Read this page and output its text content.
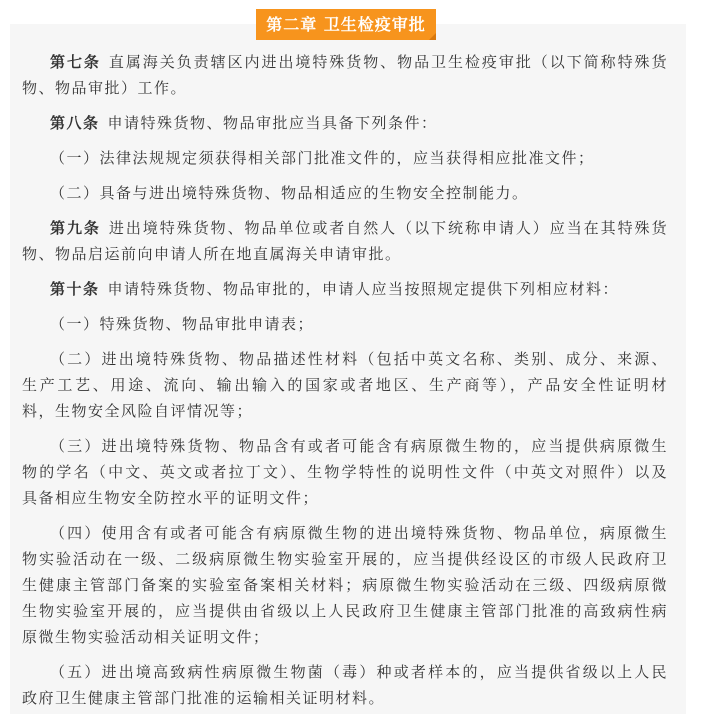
第二章 卫生检疫审批
第七条 直属海关负责辖区内进出境特殊货物、物品卫生检疫审批（以下简称特殊货
物、物品审批）工作。
第八条 申请特殊货物、物品审批应当具备下列条件：
（一）法律法规规定须获得相关部门批准文件的，应当获得相应批准文件；
（二）具备与进出境特殊货物、物品相适应的生物安全控制能力。
第九条 进出境特殊货物、物品单位或者自然人（以下统称申请人）应当在其特殊货
物、物品启运前向申请人所在地直属海关申请审批。
第十条 申请特殊货物、物品审批的，申请人应当按照规定提供下列相应材料：
（一）特殊货物、物品审批申请表；
（二）进出境特殊货物、物品描述性材料（包括中英文名称、类别、成分、来源、
生产工艺、用途、流向、输出输入的国家或者地区、生产商等），产品安全性证明材
料，生物安全风险自评情况等；
（三）进出境特殊货物、物品含有或者可能含有病原微生物的，应当提供病原微生
物的学名（中文、英文或者拉丁文）、生物学特性的说明性文件（中英文对照件）以及
具备相应生物安全防控水平的证明文件；
（四）使用含有或者可能含有病原微生物的进出境特殊货物、物品单位，病原微生
物实验活动在一级、二级病原微生物实验室开展的，应当提供经设区的市级人民政府卫
生健康主管部门备案的实验室备案相关材料；病原微生物实验活动在三级、四级病原微
生物实验室开展的，应当提供由省级以上人民政府卫生健康主管部门批准的高致病性病
原微生物实验活动相关证明文件；
（五）进出境高致病性病原微生物菌（毒）种或者样本的，应当提供省级以上人民
政府卫生健康主管部门批准的运输相关证明材料。
